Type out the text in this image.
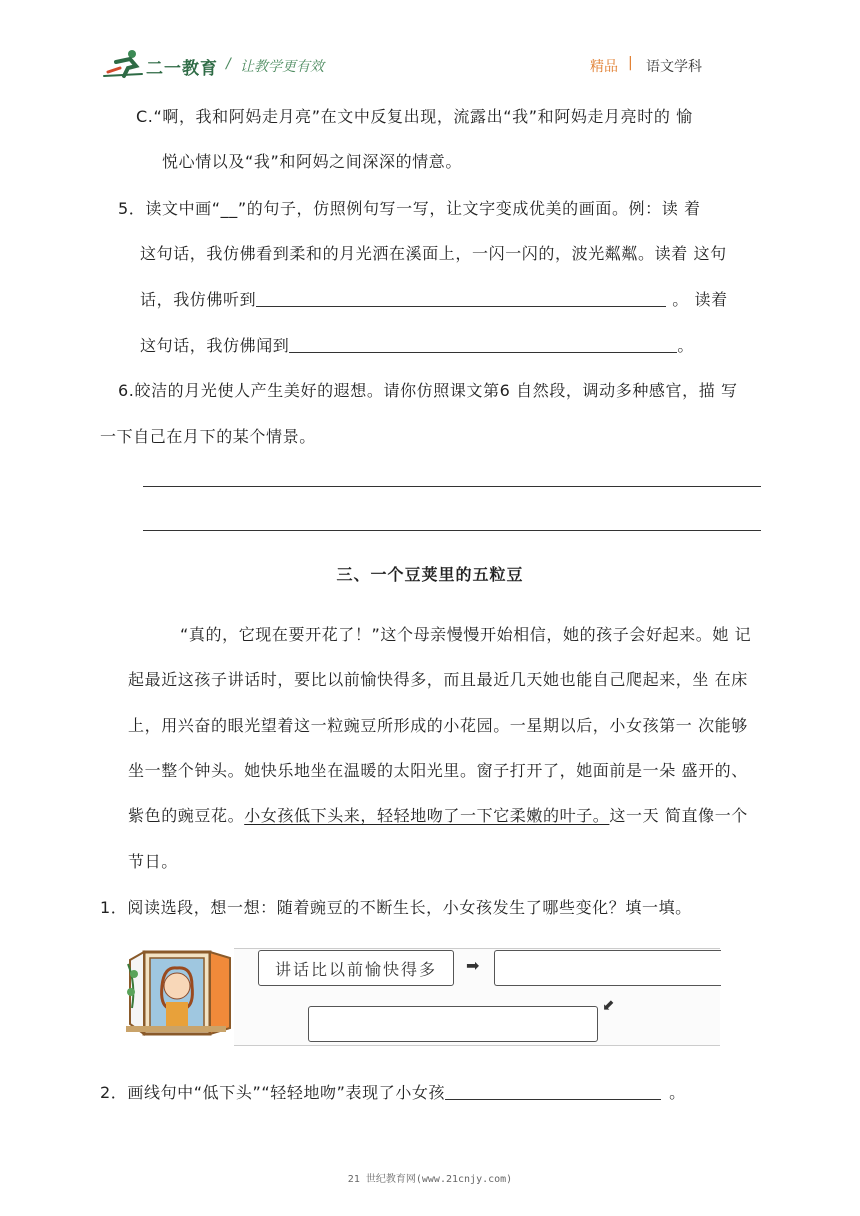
二一教育 / 让教学更有效	精品 | 语文学科
C.“啊，我和阿妈走月亮”在文中反复出现，流露出“我”和阿妈走月亮时的 愉
悦心情以及“我”和阿妈之间深深的情意。
5．读文中画“__”的句子，仿照例句写一写，让文字变成优美的画面。例：读 着
这句话，我仿佛看到柔和的月光洒在溪面上，一闪一闪的，波光粼粼。读着 这句
话，我仿佛听到	。 读着
这句话，我仿佛闻到	。
6.皎洁的月光使人产生美好的遐想。请你仿照课文第6 自然段，调动多种感官，描 写
一下自己在月下的某个情景。
三、一个豆荚里的五粒豆
“真的，它现在要开花了！”这个母亲慢慢开始相信，她的孩子会好起来。她 记
起最近这孩子讲话时，要比以前愉快得多，而且最近几天她也能自己爬起来，坐 在床
上，用兴奋的眼光望着这一粒豌豆所形成的小花园。一星期以后，小女孩第一 次能够
坐一整个钟头。她快乐地坐在温暖的太阳光里。窗子打开了，她面前是一朵 盛开的、
紫色的豌豆花。小女孩低下头来，轻轻地吻了一下它柔嫩的叶子。这一天 简直像一个
节日。
1．阅读选段，想一想：随着豌豆的不断生长，小女孩发生了哪些变化？填一填。
讲话比以前愉快得多 ➡
⬋
2．画线句中“低下头”“轻轻地吻”表现了小女孩	。
21 世纪教育网(www.21cnjy.com)
